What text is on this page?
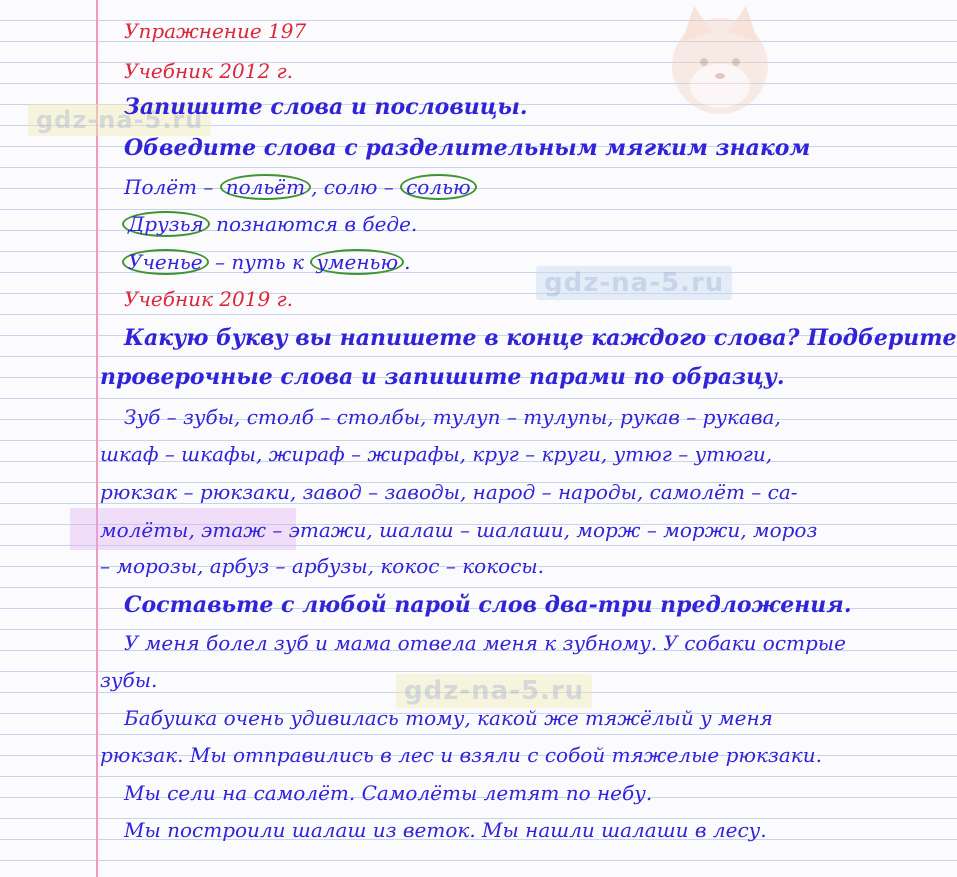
gdz-na-5.ru
gdz-na-5.ru
gdz-na-5.ru
Упражнение 197
Учебник 2012 г.
Запишите слова и пословицы.
Обведите слова с разделительным мягким знаком
Полёт – польёт , солю – солью
Друзья познаются в беде.
Ученье – путь к уменью .
Учебник 2019 г.
Какую букву вы напишете в конце каждого слова? Подберите
проверочные слова и запишите парами по образцу.
Зуб – зубы, столб – столбы, тулуп – тулупы, рукав – рукава,
шкаф – шкафы, жираф – жирафы, круг – круги, утюг – утюги,
рюкзак – рюкзаки, завод – заводы, народ – народы, самолёт – са-
молёты, этаж – этажи, шалаш – шалаши, морж – моржи, мороз
– морозы, арбуз – арбузы, кокос – кокосы.
Составьте с любой парой слов два-три предложения.
У меня болел зуб и мама отвела меня к зубному. У собаки острые
зубы.
Бабушка очень удивилась тому, какой же тяжёлый у меня
рюкзак. Мы отправились в лес и взяли с собой тяжелые рюкзаки.
Мы сели на самолёт. Самолёты летят по небу.
Мы построили шалаш из веток. Мы нашли шалаши в лесу.
